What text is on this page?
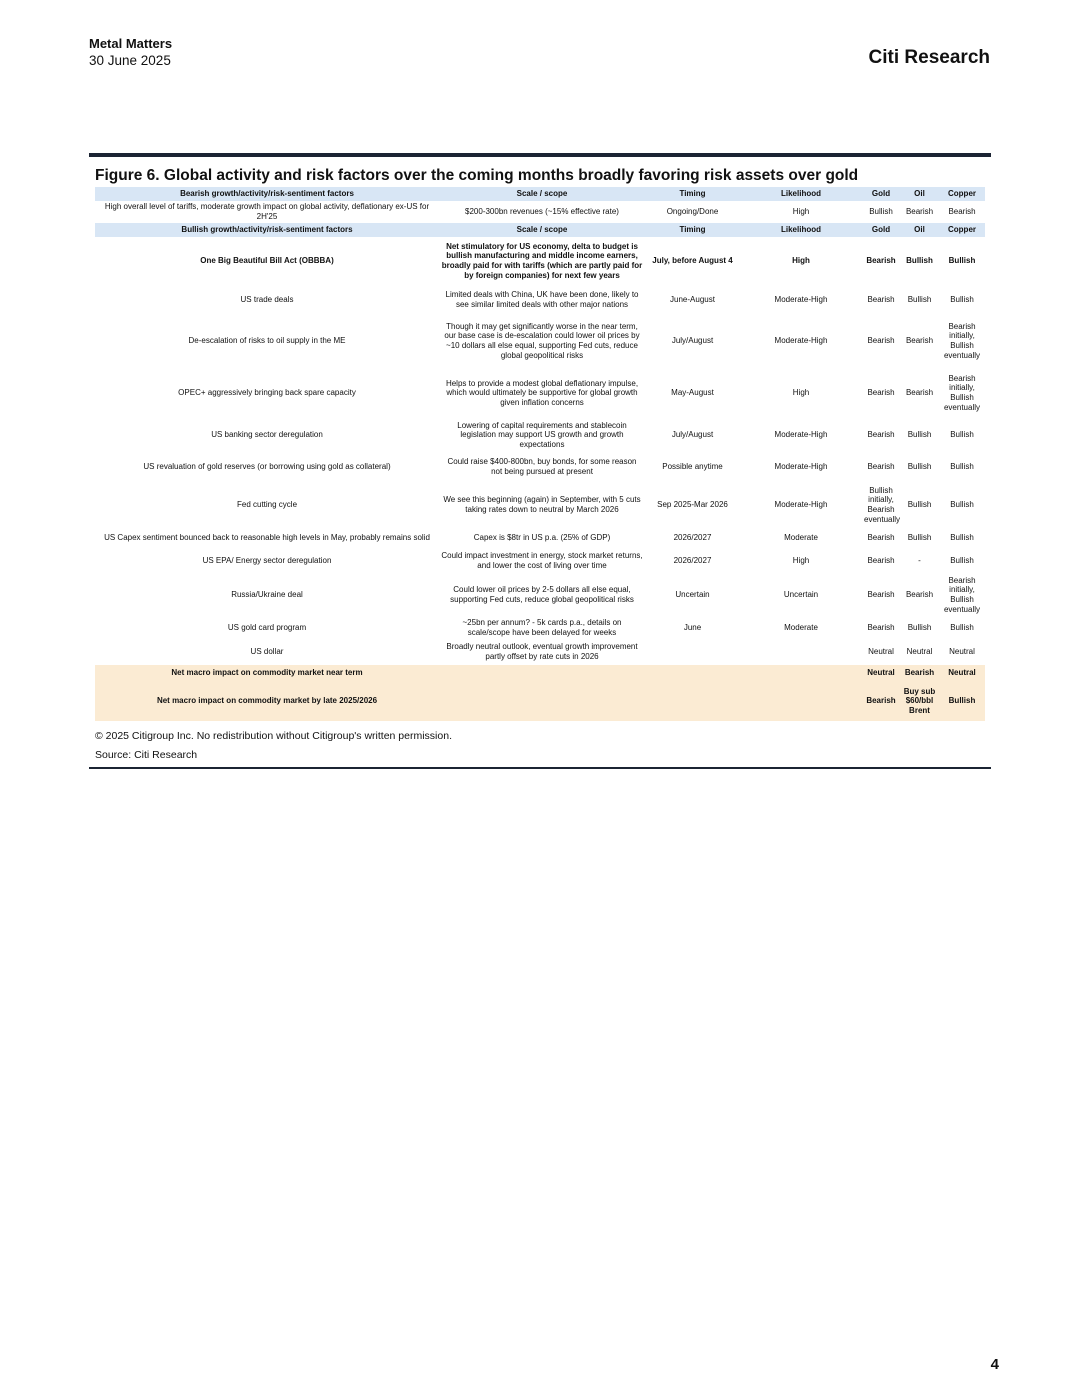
Metal Matters
30 June 2025	Citi Research
Figure 6. Global activity and risk factors over the coming months broadly favoring risk assets over gold
Bearish growth/activity/risk-sentiment factors	Scale / scope	Timing	Likelihood	Gold	Oil	Copper
High overall level of tariffs, moderate growth impact on global activity, deflationary ex-US for 2H'25	$200-300bn revenues (~15% effective rate)	Ongoing/Done	High	Bullish	Bearish	Bearish
Bullish growth/activity/risk-sentiment factors	Scale / scope	Timing	Likelihood	Gold	Oil	Copper
One Big Beautiful Bill Act (OBBBA)	Net stimulatory for US economy, delta to budget is bullish manufacturing and middle income earners, broadly paid for with tariffs (which are partly paid for by foreign companies) for next few years	July, before August 4	High	Bearish	Bullish	Bullish
US trade deals	Limited deals with China, UK have been done, likely to see similar limited deals with other major nations	June-August	Moderate-High	Bearish	Bullish	Bullish
De-escalation of risks to oil supply in the ME	Though it may get significantly worse in the near term, our base case is de-escalation could lower oil prices by ~10 dollars all else equal, supporting Fed cuts, reduce global geopolitical risks	July/August	Moderate-High	Bearish	Bearish	Bearish initially, Bullish eventually
OPEC+ aggressively bringing back spare capacity	Helps to provide a modest global deflationary impulse, which would ultimately be supportive for global growth given inflation concerns	May-August	High	Bearish	Bearish	Bearish initially, Bullish eventually
US banking sector deregulation	Lowering of capital requirements and stablecoin legislation may support US growth and growth expectations	July/August	Moderate-High	Bearish	Bullish	Bullish
US revaluation of gold reserves (or borrowing using gold as collateral)	Could raise $400-800bn, buy bonds, for some reason not being pursued at present	Possible anytime	Moderate-High	Bearish	Bullish	Bullish
Fed cutting cycle	We see this beginning (again) in September, with 5 cuts taking rates down to neutral by March 2026	Sep 2025-Mar 2026	Moderate-High	Bullish initially, Bearish eventually	Bullish	Bullish
US Capex sentiment bounced back to reasonable high levels in May, probably remains solid	Capex is $8tr in US p.a. (25% of GDP)	2026/2027	Moderate	Bearish	Bullish	Bullish
US EPA/ Energy sector deregulation	Could impact investment in energy, stock market returns, and lower the cost of living over time	2026/2027	High	Bearish	-	Bullish
Russia/Ukraine deal	Could lower oil prices by 2-5 dollars all else equal, supporting Fed cuts, reduce global geopolitical risks	Uncertain	Uncertain	Bearish	Bearish	Bearish initially, Bullish eventually
US gold card program	~25bn per annum? - 5k cards p.a., details on scale/scope have been delayed for weeks	June	Moderate	Bearish	Bullish	Bullish
US dollar	Broadly neutral outlook, eventual growth improvement partly offset by rate cuts in 2026			Neutral	Neutral	Neutral
Net macro impact on commodity market near term				Neutral	Bearish	Neutral
Net macro impact on commodity market by late 2025/2026				Bearish	Buy sub $60/bbl Brent	Bullish
© 2025 Citigroup Inc. No redistribution without Citigroup's written permission.
Source: Citi Research
4
